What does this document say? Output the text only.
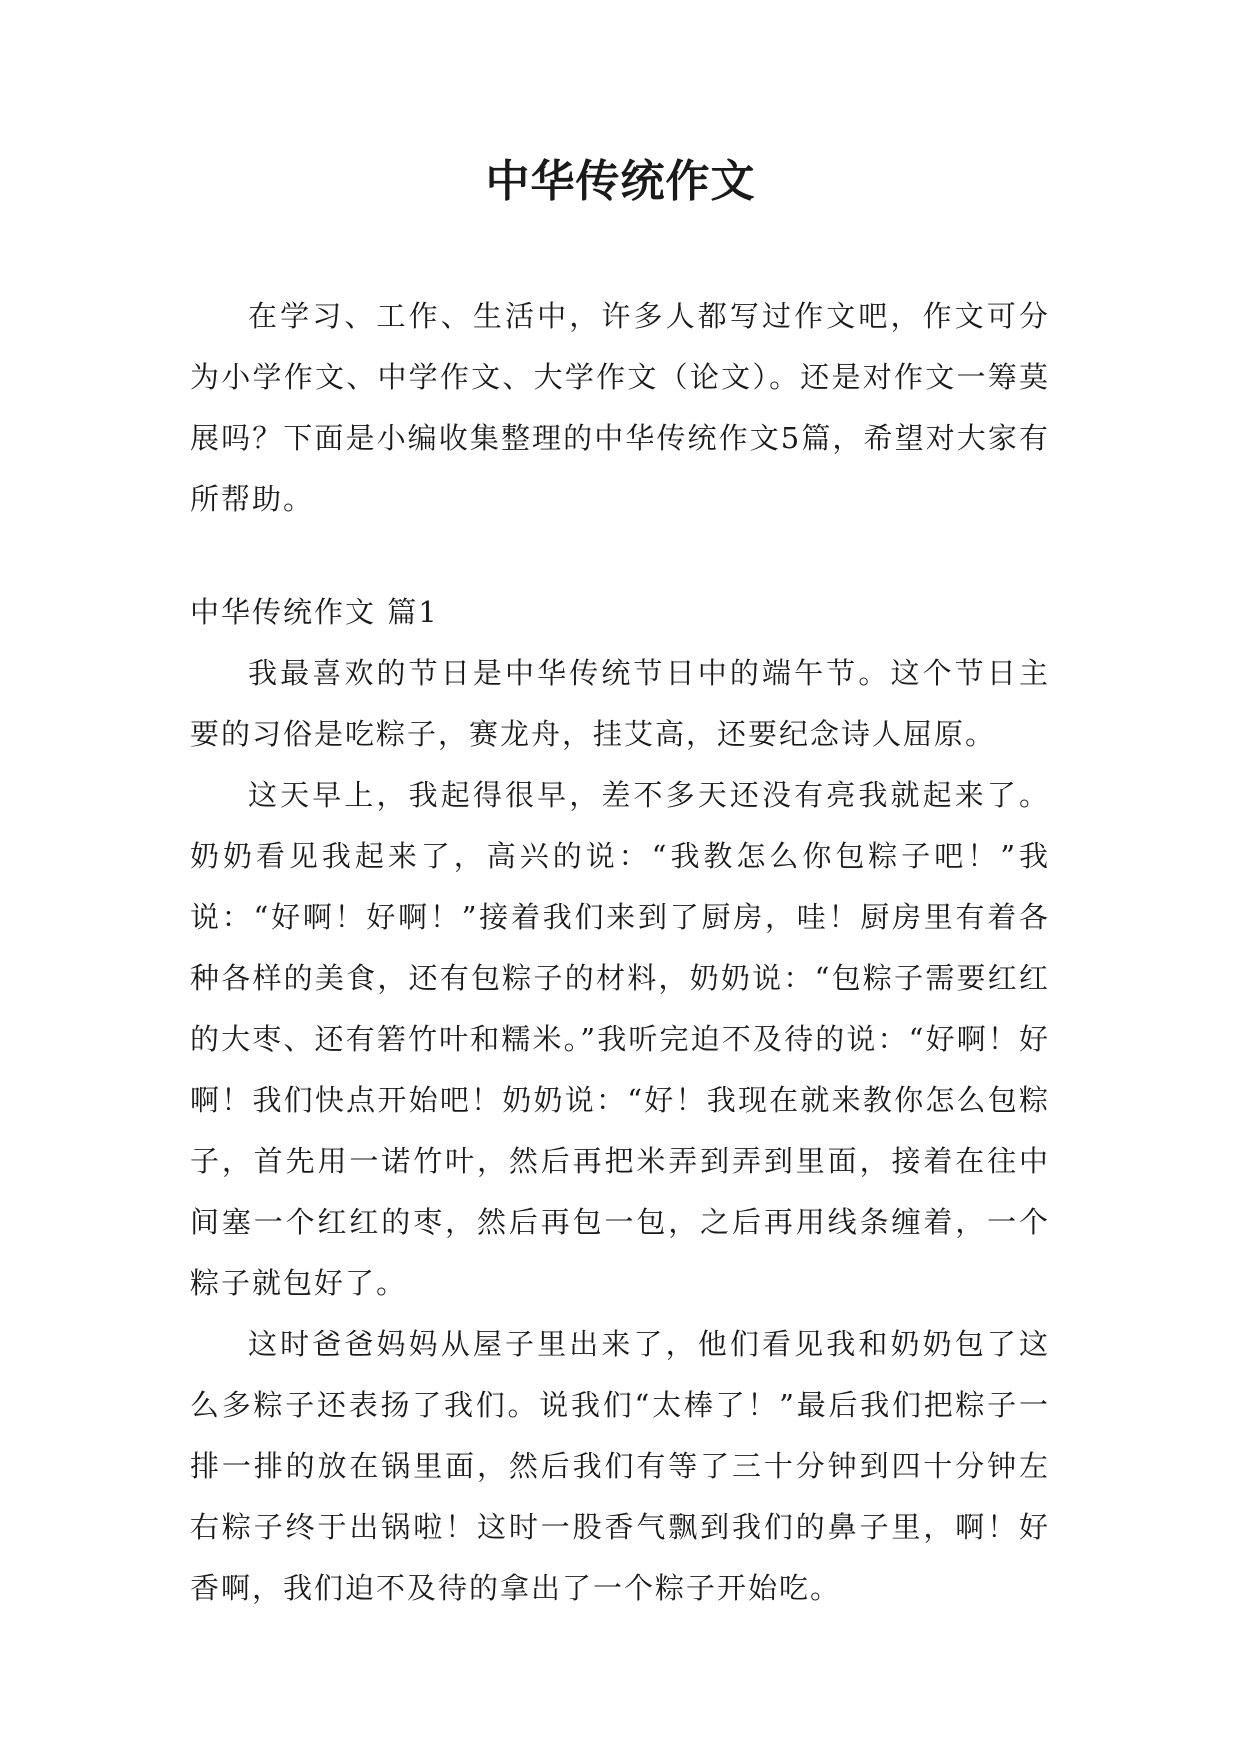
中华传统作文

在学习、工作、生活中，许多人都写过作文吧，作文可分为小学作文、中学作文、大学作文（论文）。还是对作文一筹莫展吗？下面是小编收集整理的中华传统作文5篇，希望对大家有所帮助。

中华传统作文 篇1

我最喜欢的节日是中华传统节日中的端午节。这个节日主要的习俗是吃粽子，赛龙舟，挂艾高，还要纪念诗人屈原。

这天早上，我起得很早，差不多天还没有亮我就起来了。奶奶看见我起来了，高兴的说：“我教怎么你包粽子吧！”我说：“好啊！好啊！”接着我们来到了厨房，哇！厨房里有着各种各样的美食，还有包粽子的材料，奶奶说：“包粽子需要红红的大枣、还有箬竹叶和糯米。”我听完迫不及待的说：“好啊！好啊！我们快点开始吧！奶奶说：“好！我现在就来教你怎么包粽子，首先用一诺竹叶，然后再把米弄到弄到里面，接着在往中间塞一个红红的枣，然后再包一包，之后再用线条缠着，一个粽子就包好了。

这时爸爸妈妈从屋子里出来了，他们看见我和奶奶包了这么多粽子还表扬了我们。说我们“太棒了！”最后我们把粽子一排一排的放在锅里面，然后我们有等了三十分钟到四十分钟左右粽子终于出锅啦！这时一股香气飘到我们的鼻子里，啊！好香啊，我们迫不及待的拿出了一个粽子开始吃。
